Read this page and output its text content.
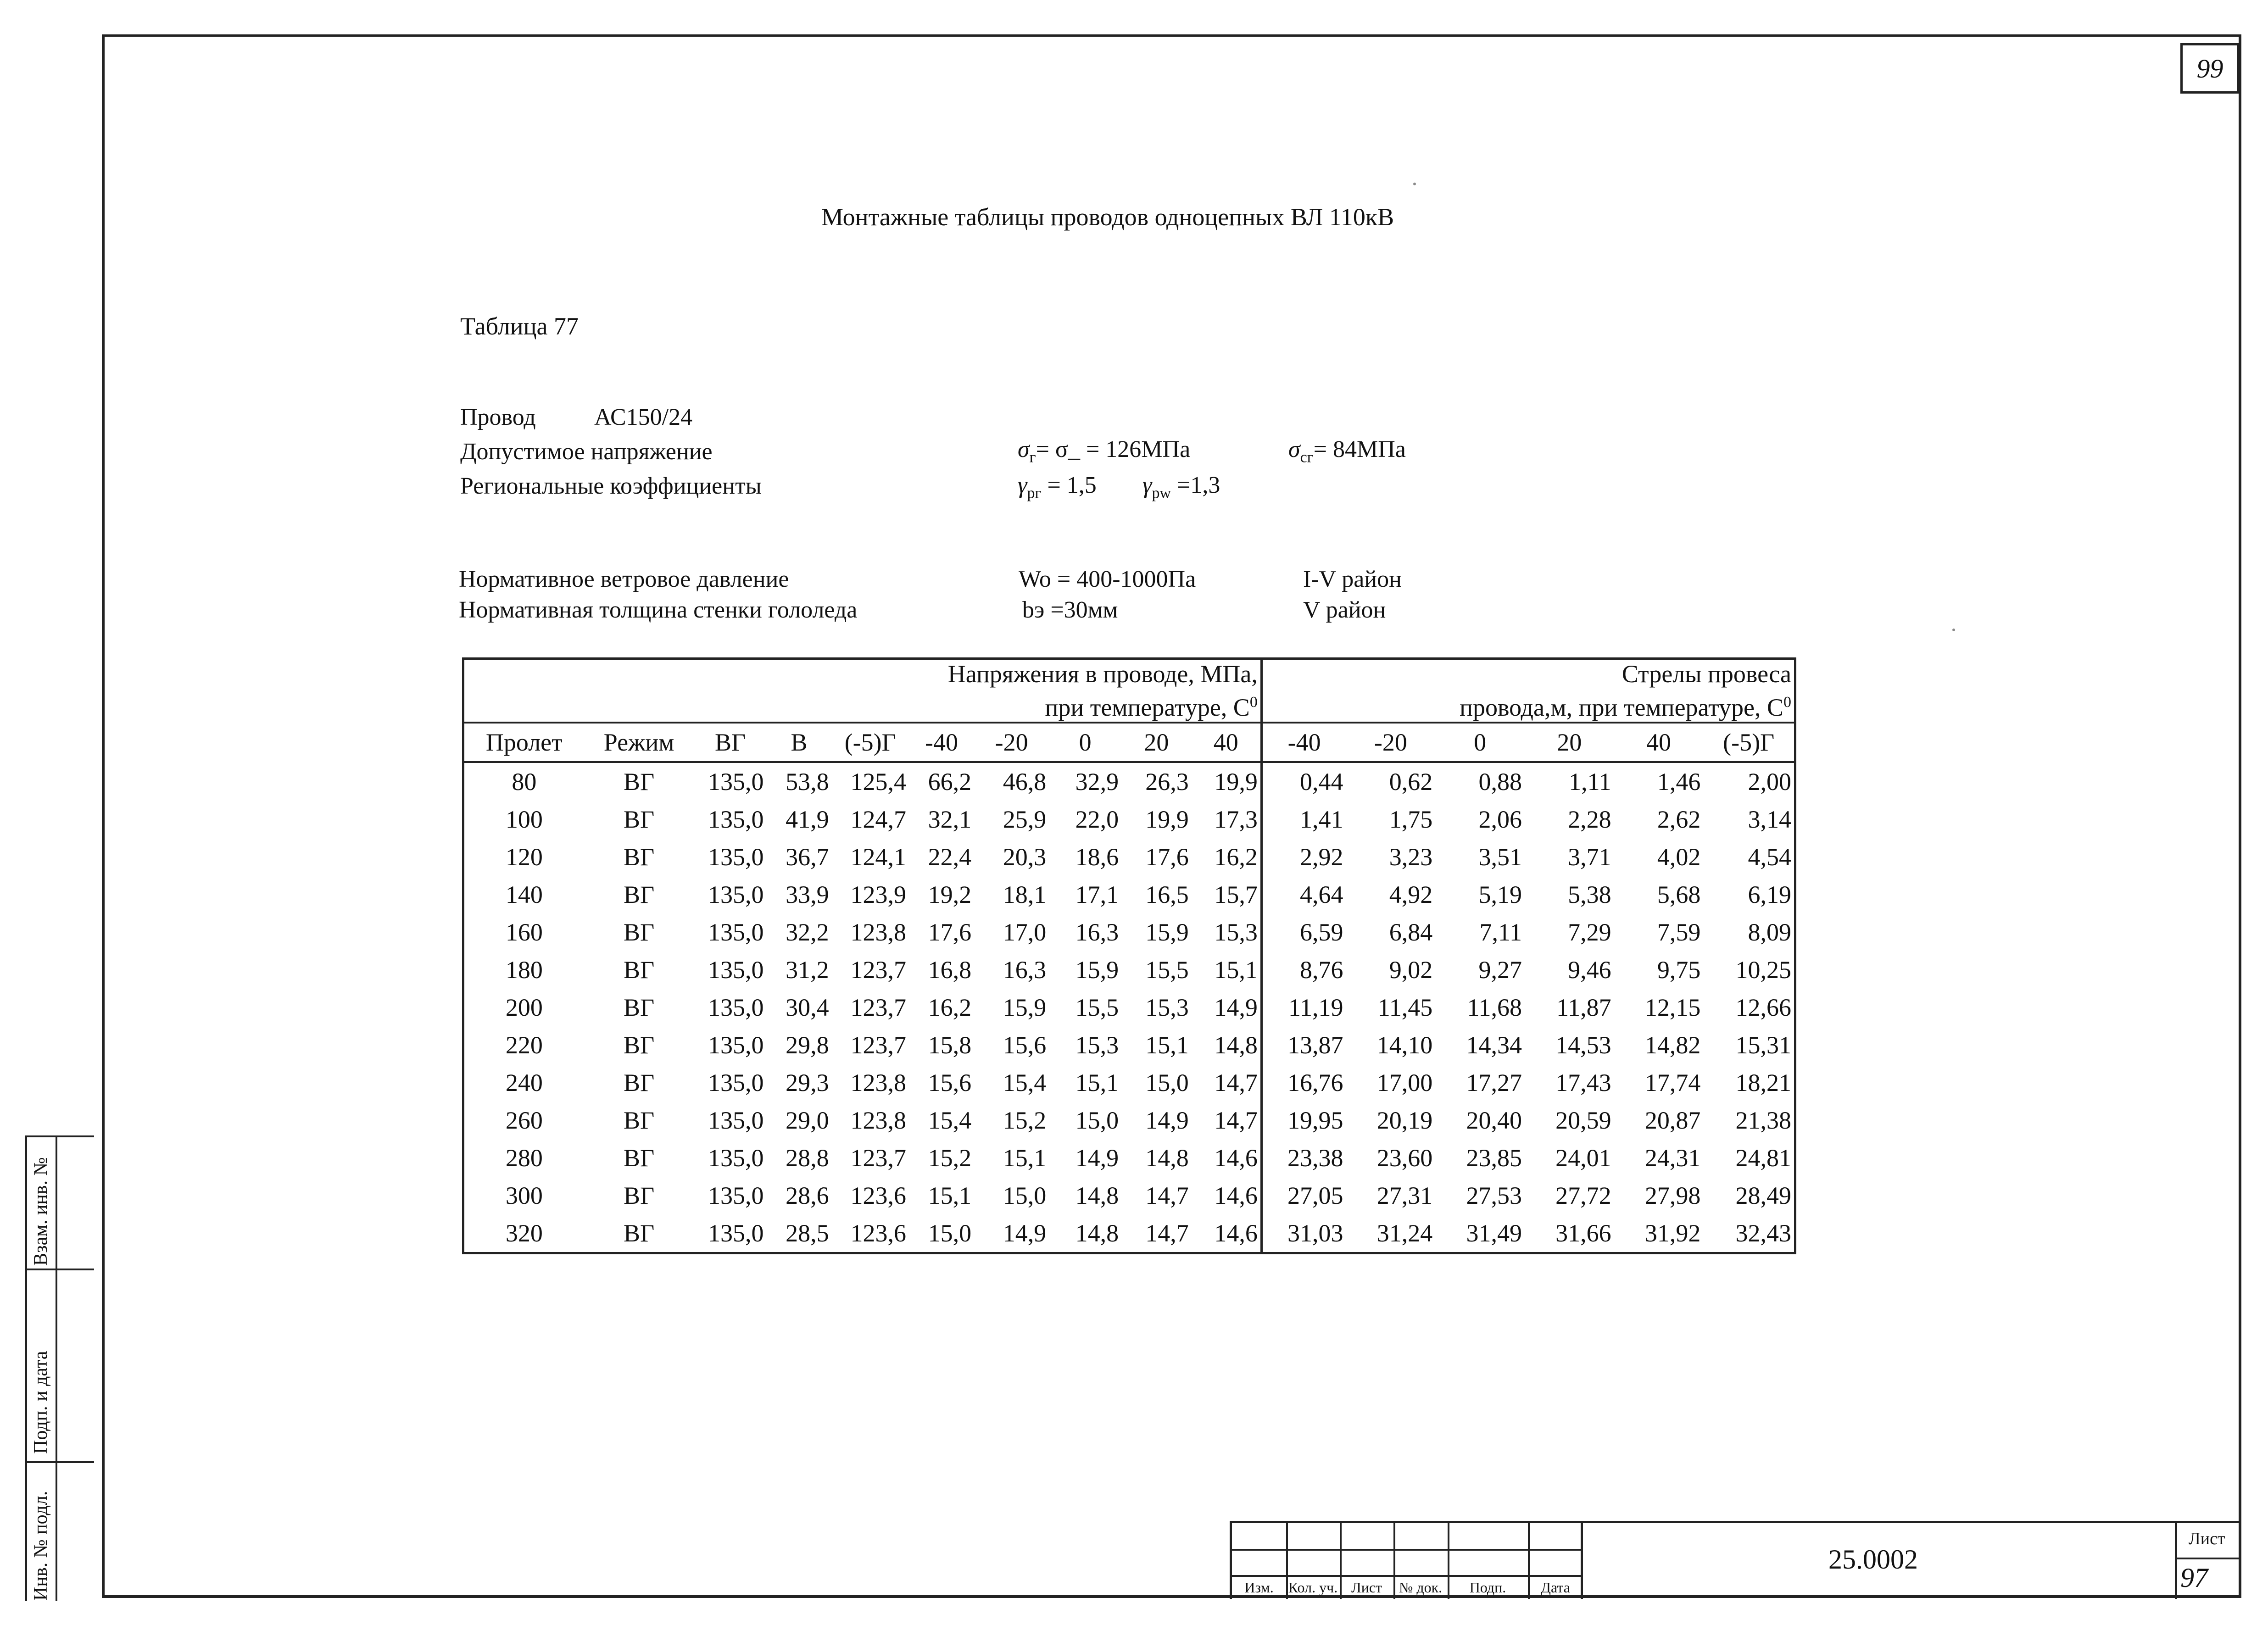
99
Монтажные таблицы проводов одноцепных ВЛ 110кВ
Таблица 77
Провод АС150/24
Допустимое напряжение	$\sigma_г=$ σ_ = 126МПа	$\sigma_{сг}= 84МПа$
Региональные коэффициенты	$\gamma_{pг} = 1,5$ $\gamma_{pw} =1,3$
Нормативное ветровое давление	Wo = 400-1000Па	I-V район
Нормативная толщина стенки гололеда	bэ =30мм	V район
Напряжения в проводе, МПа,
при температуре, $С^0$										Стрелы провеса
провода,м, при температуре, $С^0$
Пролет	Режим	ВГ	В	(-5)Г	-40	-20	0	20	40	-40	-20	0	20	40	(-5)Г
80	ВГ	135,0	53,8	125,4	66,2	46,8	32,9	26,3	19,9	0,44	0,62	0,88	1,11	1,46	2,00
100	ВГ	135,0	41,9	124,7	32,1	25,9	22,0	19,9	17,3	1,41	1,75	2,06	2,28	2,62	3,14
120	ВГ	135,0	36,7	124,1	22,4	20,3	18,6	17,6	16,2	2,92	3,23	3,51	3,71	4,02	4,54
140	ВГ	135,0	33,9	123,9	19,2	18,1	17,1	16,5	15,7	4,64	4,92	5,19	5,38	5,68	6,19
160	ВГ	135,0	32,2	123,8	17,6	17,0	16,3	15,9	15,3	6,59	6,84	7,11	7,29	7,59	8,09
180	ВГ	135,0	31,2	123,7	16,8	16,3	15,9	15,5	15,1	8,76	9,02	9,27	9,46	9,75	10,25
200	ВГ	135,0	30,4	123,7	16,2	15,9	15,5	15,3	14,9	11,19	11,45	11,68	11,87	12,15	12,66
220	ВГ	135,0	29,8	123,7	15,8	15,6	15,3	15,1	14,8	13,87	14,10	14,34	14,53	14,82	15,31
240	ВГ	135,0	29,3	123,8	15,6	15,4	15,1	15,0	14,7	16,76	17,00	17,27	17,43	17,74	18,21
260	ВГ	135,0	29,0	123,8	15,4	15,2	15,0	14,9	14,7	19,95	20,19	20,40	20,59	20,87	21,38
280	ВГ	135,0	28,8	123,7	15,2	15,1	14,9	14,8	14,6	23,38	23,60	23,85	24,01	24,31	24,81
300	ВГ	135,0	28,6	123,6	15,1	15,0	14,8	14,7	14,6	27,05	27,31	27,53	27,72	27,98	28,49
320	ВГ	135,0	28,5	123,6	15,0	14,9	14,8	14,7	14,6	31,03	31,24	31,49	31,66	31,92	32,43
Взам. инв. №
Подп. и дата
Инв. № подл.	Изм.	Кол. уч. Лист	№ док.	Подп.	Дата
25.0002
Лист
97
